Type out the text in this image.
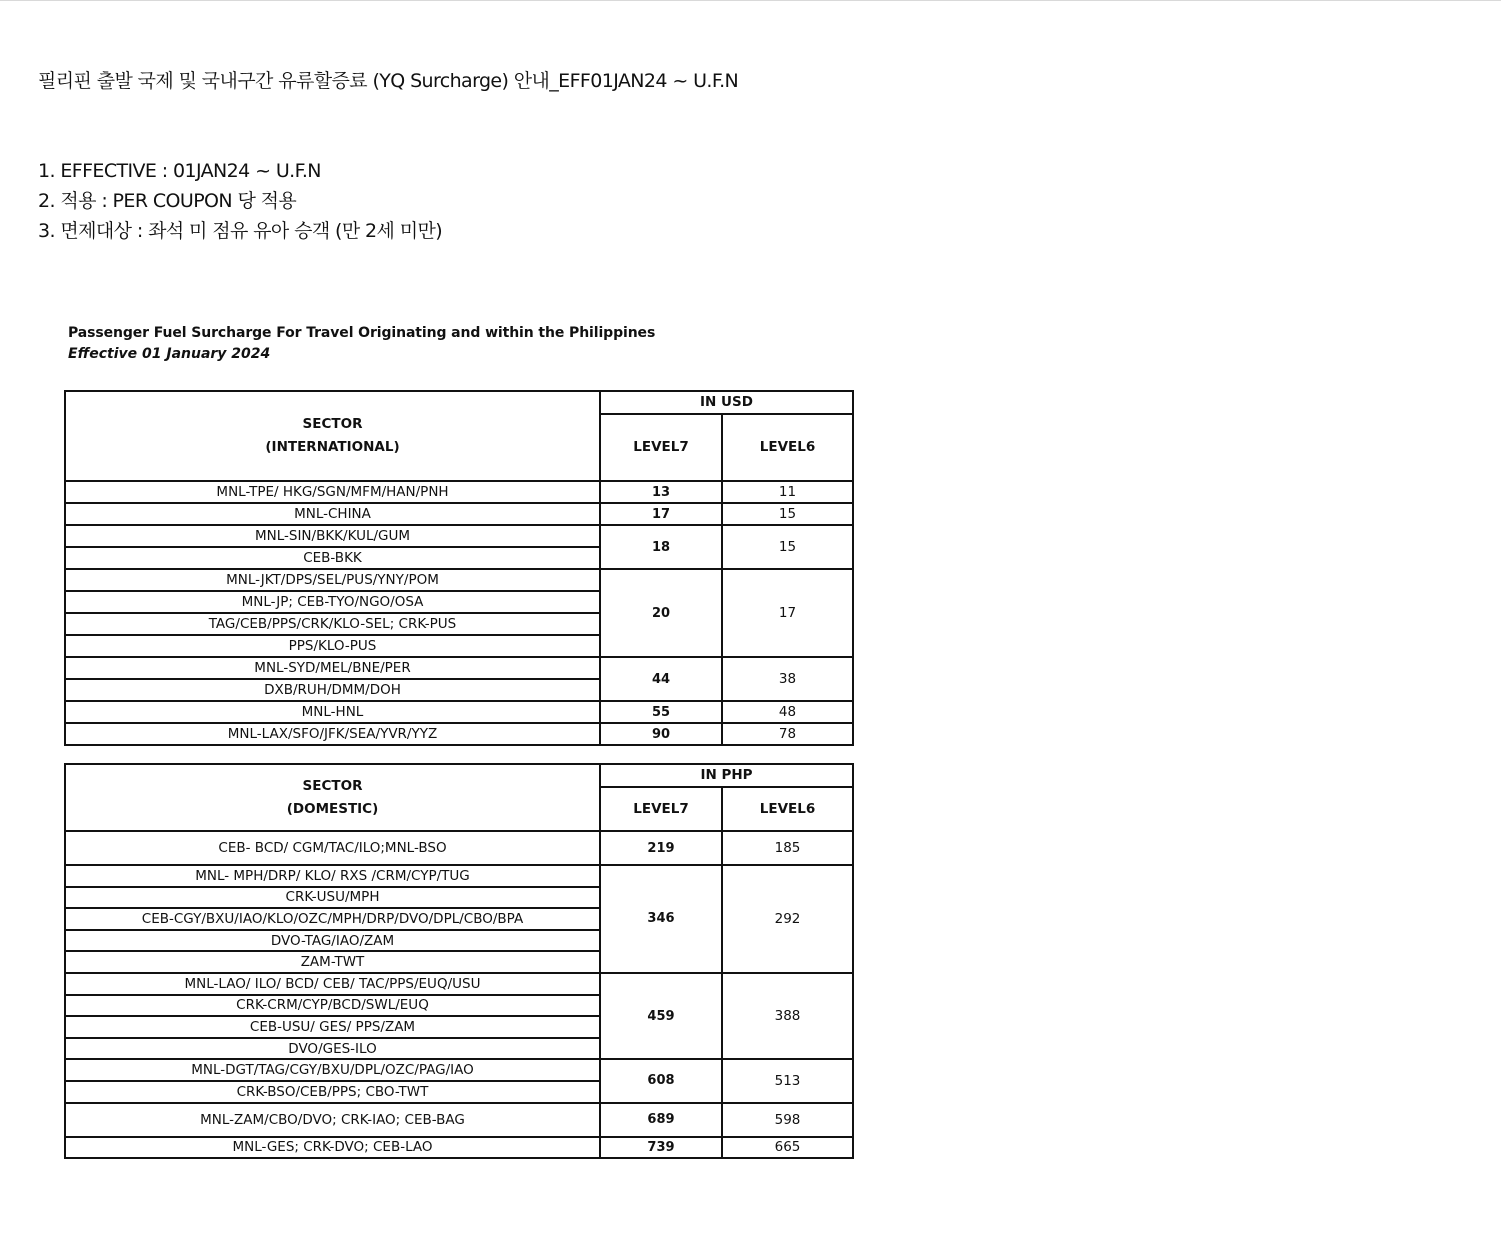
필리핀 출발 국제 및 국내구간 유류할증료 (YQ Surcharge) 안내_EFF01JAN24 ~ U.F.N
1. EFFECTIVE : 01JAN24 ~ U.F.N
2. 적용 : PER COUPON 당 적용
3. 면제대상 : 좌석 미 점유 유아 승객 (만 2세 미만)
Passenger Fuel Surcharge For Travel Originating and within the Philippines
Effective 01 January 2024
SECTOR
(INTERNATIONAL)	IN USD	
	LEVEL7	LEVEL6
MNL-TPE/ HKG/SGN/MFM/HAN/PNH	13	11
MNL-CHINA	17	15
MNL-SIN/BKK/KUL/GUM	18	15
CEB-BKK		
MNL-JKT/DPS/SEL/PUS/YNY/POM	20	17
MNL-JP; CEB-TYO/NGO/OSA		
TAG/CEB/PPS/CRK/KLO-SEL; CRK-PUS		
PPS/KLO-PUS		
MNL-SYD/MEL/BNE/PER	44	38
DXB/RUH/DMM/DOH		
MNL-HNL	55	48
MNL-LAX/SFO/JFK/SEA/YVR/YYZ	90	78
SECTOR
(DOMESTIC)	IN PHP	
	LEVEL7	LEVEL6
CEB- BCD/ CGM/TAC/ILO;MNL-BSO	219	185
MNL- MPH/DRP/ KLO/ RXS /CRM/CYP/TUG	346	292
CRK-USU/MPH		
CEB-CGY/BXU/IAO/KLO/OZC/MPH/DRP/DVO/DPL/CBO/BPA		
DVO-TAG/IAO/ZAM		
ZAM-TWT		
MNL-LAO/ ILO/ BCD/ CEB/ TAC/PPS/EUQ/USU	459	388
CRK-CRM/CYP/BCD/SWL/EUQ		
CEB-USU/ GES/ PPS/ZAM		
DVO/GES-ILO		
MNL-DGT/TAG/CGY/BXU/DPL/OZC/PAG/IAO	608	513
CRK-BSO/CEB/PPS; CBO-TWT		
MNL-ZAM/CBO/DVO; CRK-IAO; CEB-BAG	689	598
MNL-GES; CRK-DVO; CEB-LAO	739	665
